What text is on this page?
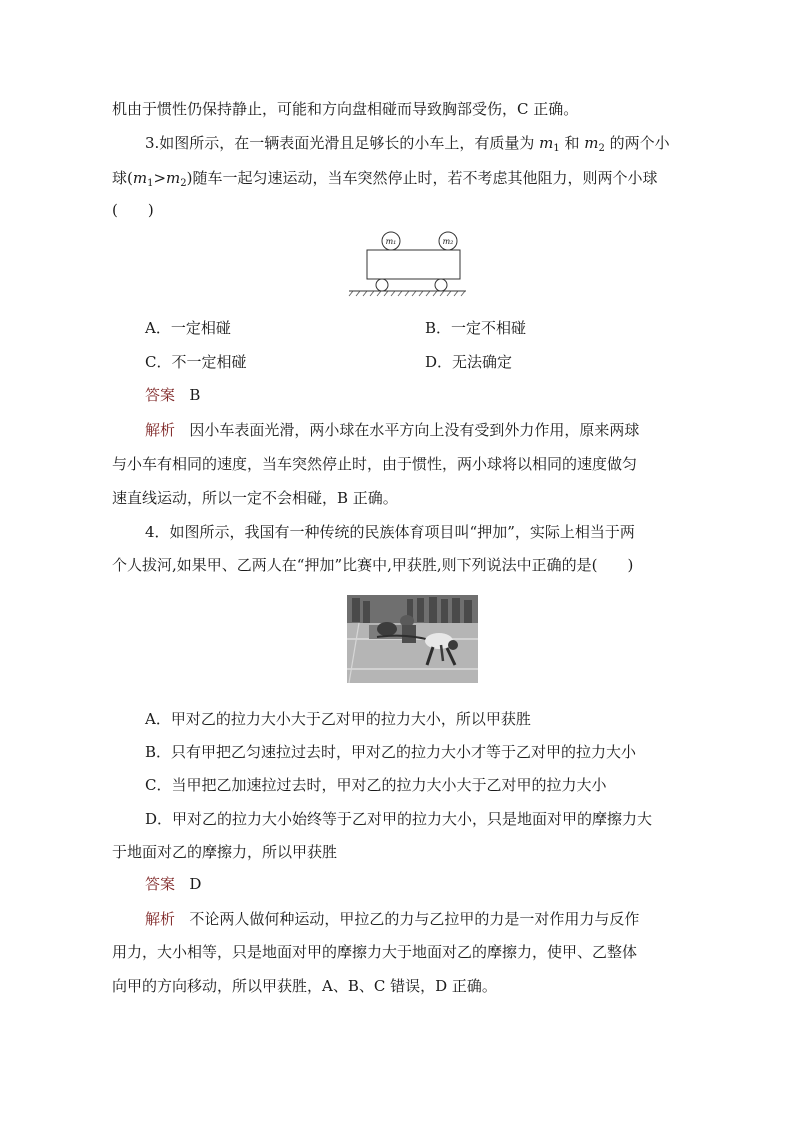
机由于惯性仍保持静止，可能和方向盘相碰而导致胸部受伤，C 正确。
3.如图所示，在一辆表面光滑且足够长的小车上，有质量为 $m_1$ 和 $m_2$ 的两个小
球$(m_1>m_2)$随车一起匀速运动，当车突然停止时，若不考虑其他阻力，则两个小球
(　　)
m₁	m₂
A．一定相碰	B．一定不相碰
C．不一定相碰	D．无法确定
答案 B
解析 因小车表面光滑，两小球在水平方向上没有受到外力作用，原来两球
与小车有相同的速度，当车突然停止时，由于惯性，两小球将以相同的速度做匀
速直线运动，所以一定不会相碰，B 正确。
4．如图所示，我国有一种传统的民族体育项目叫“押加”，实际上相当于两
个人拔河,如果甲、乙两人在“押加”比赛中,甲获胜,则下列说法中正确的是(　　)
A．甲对乙的拉力大小大于乙对甲的拉力大小，所以甲获胜
B．只有甲把乙匀速拉过去时，甲对乙的拉力大小才等于乙对甲的拉力大小
C．当甲把乙加速拉过去时，甲对乙的拉力大小大于乙对甲的拉力大小
D．甲对乙的拉力大小始终等于乙对甲的拉力大小，只是地面对甲的摩擦力大
于地面对乙的摩擦力，所以甲获胜
答案 D
解析 不论两人做何种运动，甲拉乙的力与乙拉甲的力是一对作用力与反作
用力，大小相等，只是地面对甲的摩擦力大于地面对乙的摩擦力，使甲、乙整体
向甲的方向移动，所以甲获胜，A、B、C 错误，D 正确。
